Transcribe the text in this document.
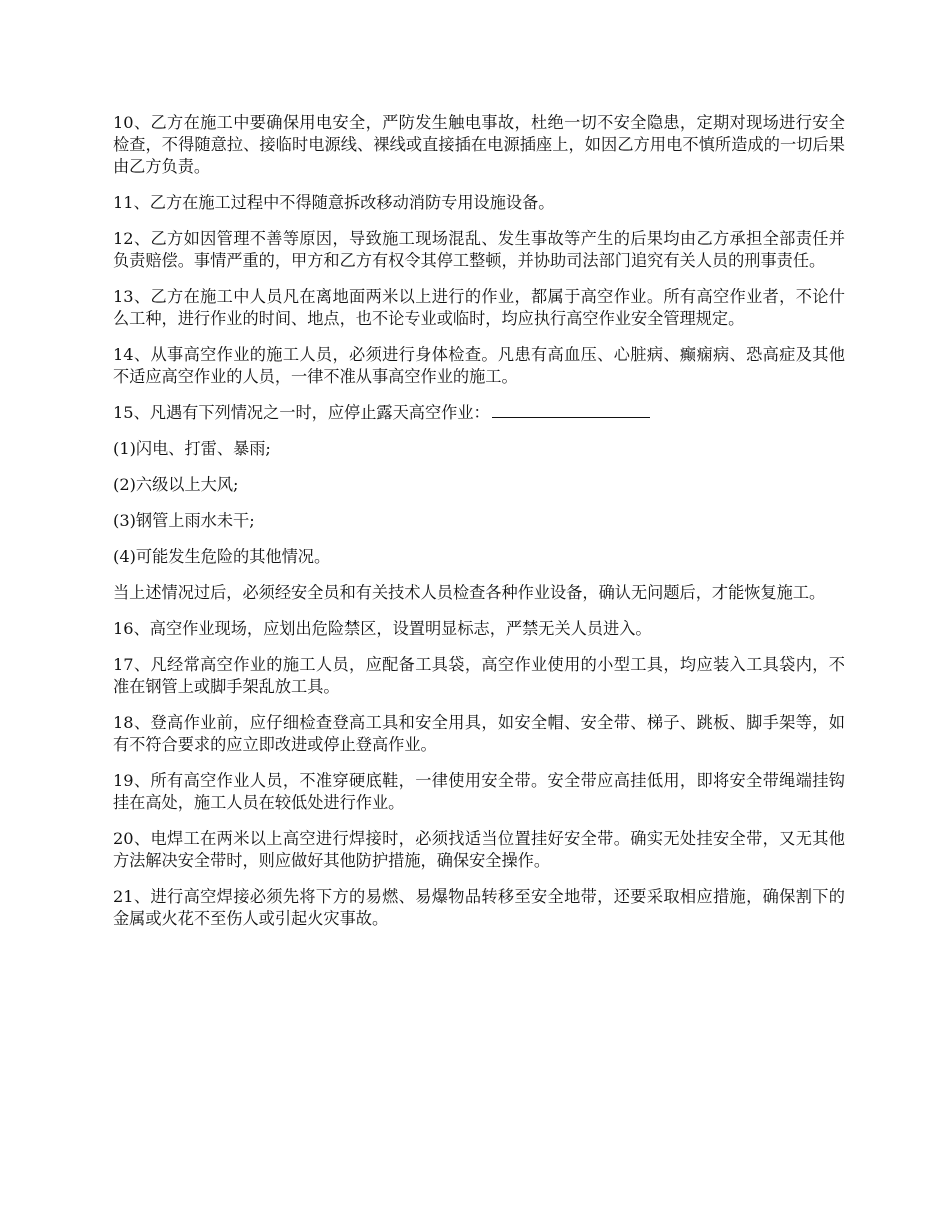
10、乙方在施工中要确保用电安全，严防发生触电事故，杜绝一切不安全隐患，定期对现场进行安全检查，不得随意拉、接临时电源线、裸线或直接插在电源插座上，如因乙方用电不慎所造成的一切后果由乙方负责。

11、乙方在施工过程中不得随意拆改移动消防专用设施设备。

12、乙方如因管理不善等原因，导致施工现场混乱、发生事故等产生的后果均由乙方承担全部责任并负责赔偿。事情严重的，甲方和乙方有权令其停工整顿，并协助司法部门追究有关人员的刑事责任。

13、乙方在施工中人员凡在离地面两米以上进行的作业，都属于高空作业。所有高空作业者，不论什么工种，进行作业的时间、地点，也不论专业或临时，均应执行高空作业安全管理规定。

14、从事高空作业的施工人员，必须进行身体检查。凡患有高血压、心脏病、癫痫病、恐高症及其他不适应高空作业的人员，一律不准从事高空作业的施工。

15、凡遇有下列情况之一时，应停止露天高空作业：

(1)闪电、打雷、暴雨;

(2)六级以上大风;

(3)钢管上雨水未干;

(4)可能发生危险的其他情况。

当上述情况过后，必须经安全员和有关技术人员检查各种作业设备，确认无问题后，才能恢复施工。

16、高空作业现场，应划出危险禁区，设置明显标志，严禁无关人员进入。

17、凡经常高空作业的施工人员，应配备工具袋，高空作业使用的小型工具，均应装入工具袋内，不准在钢管上或脚手架乱放工具。

18、登高作业前，应仔细检查登高工具和安全用具，如安全帽、安全带、梯子、跳板、脚手架等，如有不符合要求的应立即改进或停止登高作业。

19、所有高空作业人员，不准穿硬底鞋，一律使用安全带。安全带应高挂低用，即将安全带绳端挂钩挂在高处，施工人员在较低处进行作业。

20、电焊工在两米以上高空进行焊接时，必须找适当位置挂好安全带。确实无处挂安全带，又无其他方法解决安全带时，则应做好其他防护措施，确保安全操作。

21、进行高空焊接必须先将下方的易燃、易爆物品转移至安全地带，还要采取相应措施，确保割下的金属或火花不至伤人或引起火灾事故。
